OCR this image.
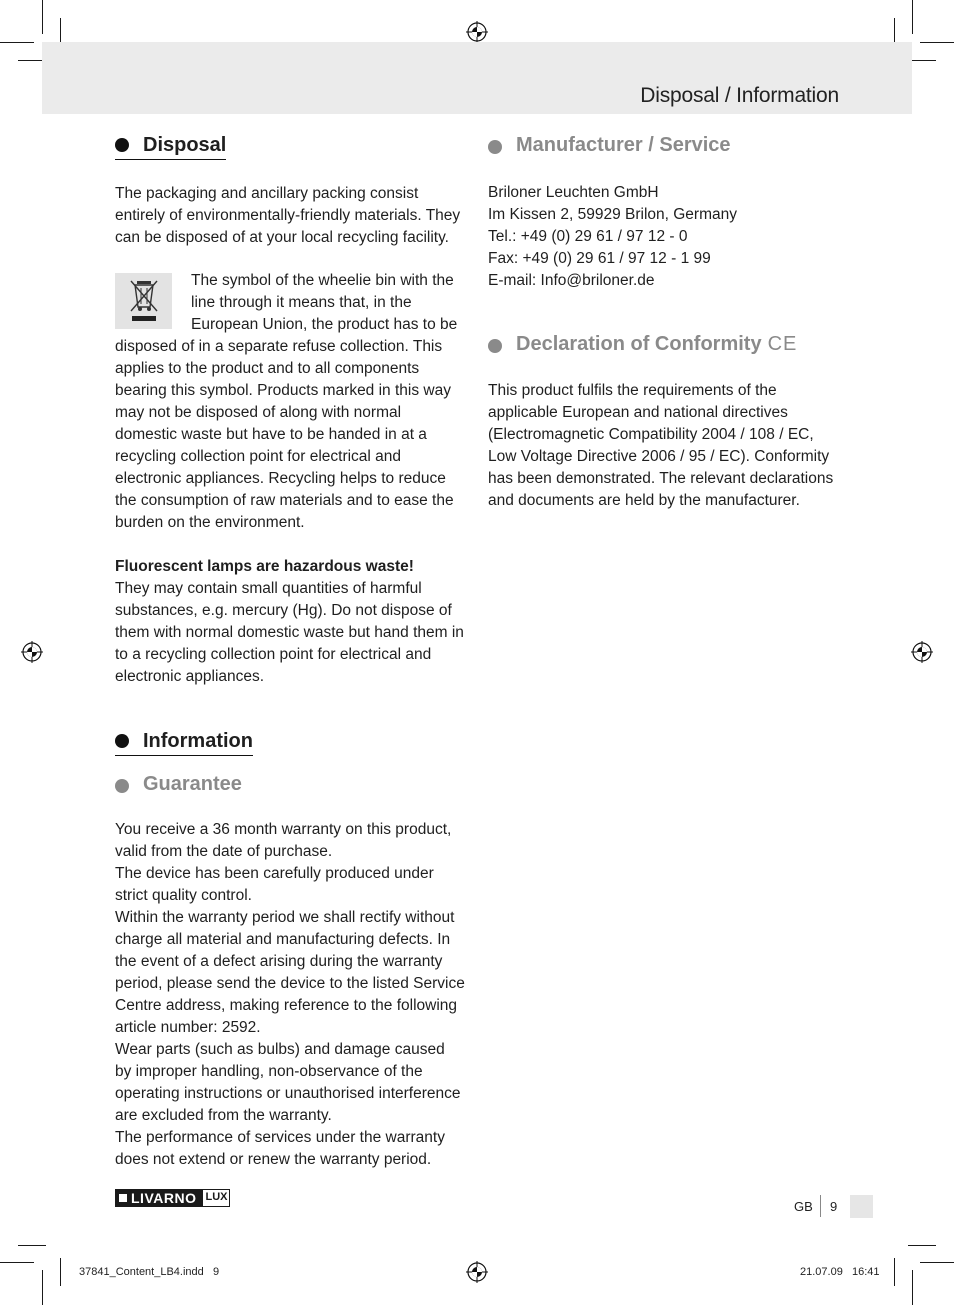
Disposal / Information
Disposal

The packaging and ancillary packing consist entirely of environmentally-friendly materials. They can be disposed of at your local recycling facility.

The symbol of the wheelie bin with the line through it means that, in the European Union, the product has to be disposed of in a separate refuse collection. This applies to the product and to all components bearing this symbol. Products marked in this way may not be disposed of along with normal domestic waste but have to be handed in at a recycling collection point for electrical and electronic appliances. Recycling helps to reduce the consumption of raw materials and to ease the burden on the environment.

Fluorescent lamps are hazardous waste!

They may contain small quantities of harmful substances, e.g. mercury (Hg). Do not dispose of them with normal domestic waste but hand them in to a recycling collection point for electrical and electronic appliances.

Information
Guarantee

You receive a 36 month warranty on this product, valid from the date of purchase.

The device has been carefully produced under strict quality control.

Within the warranty period we shall rectify without charge all material and manufacturing defects. In the event of a defect arising during the warranty period, please send the device to the listed Service Centre address, making reference to the following article number: 2592.

Wear parts (such as bulbs) and damage caused by improper handling, non-observance of the operating instructions or unauthorised interference are excluded from the warranty.

The performance of services under the warranty does not extend or renew the warranty period.

Manufacturer / Service

Briloner Leuchten GmbH

Im Kissen 2, 59929 Brilon, Germany

Tel.: +49 (0) 29 61 / 97 12 - 0

Fax: +49 (0) 29 61 / 97 12 - 1 99

E-mail: Info@briloner.de

Declaration of Conformity CE

This product fulfils the requirements of the applicable European and national directives (Electromagnetic Compatibility 2004 / 108 / EC, Low Voltage Directive 2006 / 95 / EC). Conformity has been demonstrated. The relevant declarations and documents are held by the manufacturer.

LIVARNO LUX
GB 9
37841_Content_LB4.indd   9	21.07.09   16:41
